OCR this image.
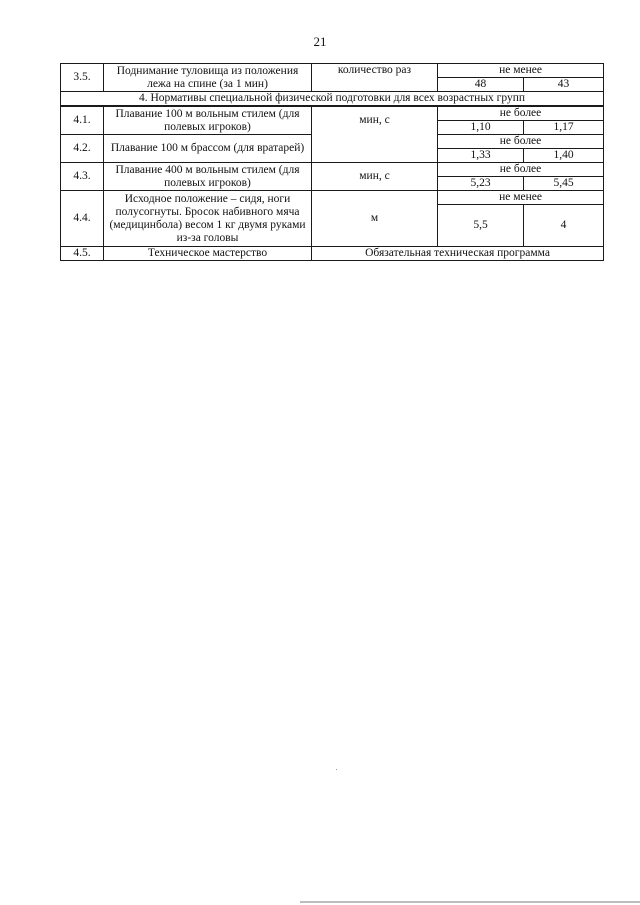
21
3.5.	Поднимание туловища из положения лежа на спине (за 1 мин)	количество раз	не менее	
			48	43
4. Нормативы специальной физической подготовки для всех возрастных групп				
4.1.	Плавание 100 м вольным стилем (для полевых игроков)	мин, с	не более	
			1,10	1,17
4.2.	Плавание 100 м брассом (для вратарей)		не более	
			1,33	1,40
4.3.	Плавание 400 м вольным стилем (для полевых игроков)	мин, с	не более	
			5,23	5,45
4.4.	Исходное положение – сидя, ноги полусогнуты. Бросок набивного мяча (медицинбола) весом 1 кг двумя руками из-за головы	м	не менее	
			5,5	4
4.5.	Техническое мастерство	Обязательная техническая программа		
